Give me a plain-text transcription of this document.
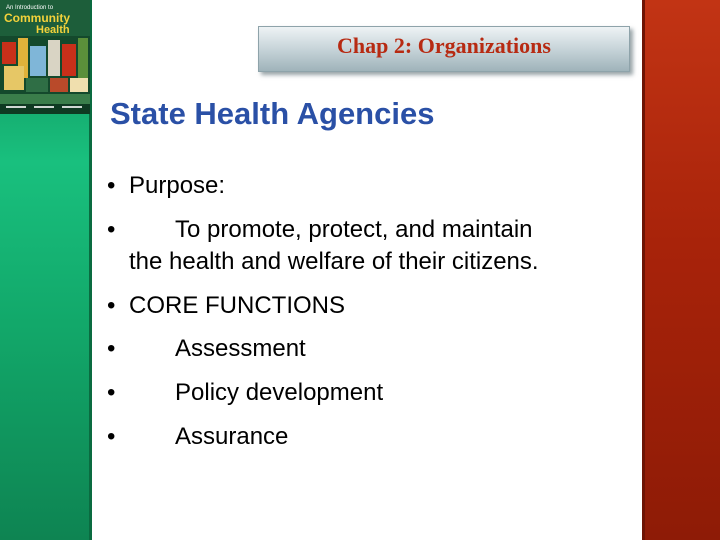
An Introduction to
Community
Health
Chap 2: Organizations
State Health Agencies
• Purpose:
• To promote, protect, and maintain
the health and welfare of their citizens.
• CORE FUNCTIONS
• Assessment
• Policy development
• Assurance
